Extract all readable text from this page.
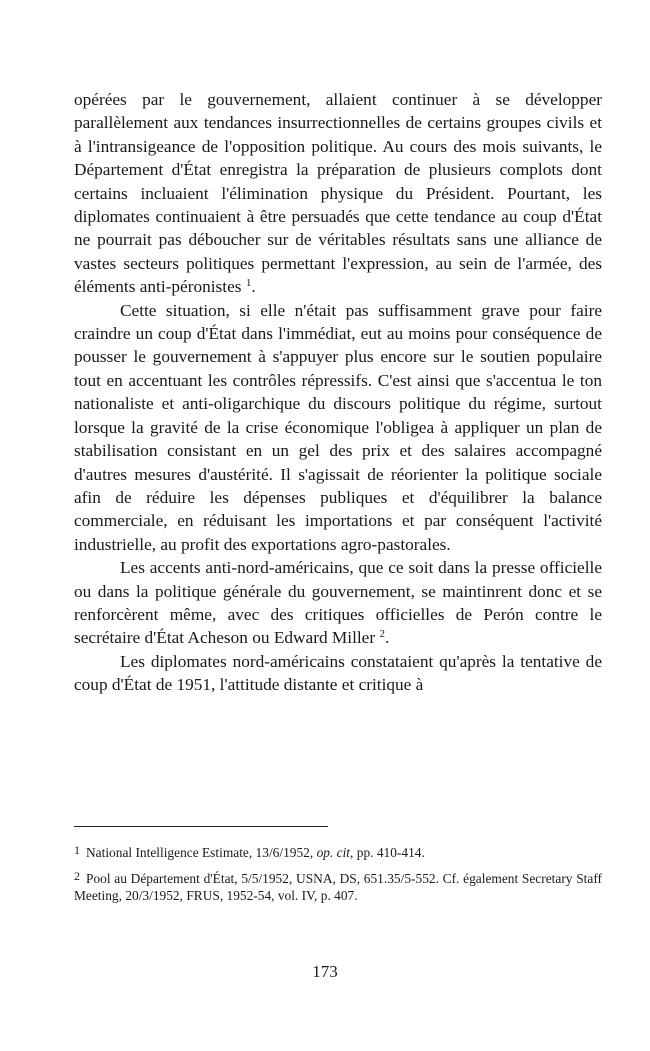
opérées par le gouvernement, allaient continuer à se développer parallèlement aux tendances insurrectionnelles de certains groupes civils et à l'intransigeance de l'opposition politique. Au cours des mois suivants, le Département d'État enregistra la préparation de plusieurs complots dont certains incluaient l'élimination physique du Président. Pourtant, les diplomates continuaient à être persuadés que cette tendance au coup d'État ne pourrait pas déboucher sur de véritables résultats sans une alliance de vastes secteurs politiques permettant l'expression, au sein de l'armée, des éléments anti-péronistes $^1$.

Cette situation, si elle n'était pas suffisamment grave pour faire craindre un coup d'État dans l'immédiat, eut au moins pour conséquence de pousser le gouvernement à s'appuyer plus encore sur le soutien populaire tout en accentuant les contrôles répressifs. C'est ainsi que s'accentua le ton nationaliste et anti-oligarchique du discours politique du régime, surtout lorsque la gravité de la crise économique l'obligea à appliquer un plan de stabilisation consistant en un gel des prix et des salaires accompagné d'autres mesures d'austérité. Il s'agissait de réorienter la politique sociale afin de réduire les dépenses publiques et d'équilibrer la balance commerciale, en réduisant les importations et par conséquent l'activité industrielle, au profit des exportations agro-pastorales.

Les accents anti-nord-américains, que ce soit dans la presse officielle ou dans la politique générale du gouvernement, se maintinrent donc et se renforcèrent même, avec des critiques officielles de Perón contre le secrétaire d'État Acheson ou Edward Miller $^2$.

Les diplomates nord-américains constataient qu'après la tentative de coup d'État de 1951, l'attitude distante et critique à

1 National Intelligence Estimate, 13/6/1952, op. cit, pp. 410-414.

2 Pool au Département d'État, 5/5/1952, USNA, DS, 651.35/5-552. Cf. également Secretary Staff Meeting, 20/3/1952, FRUS, 1952-54, vol. IV, p. 407.

173
